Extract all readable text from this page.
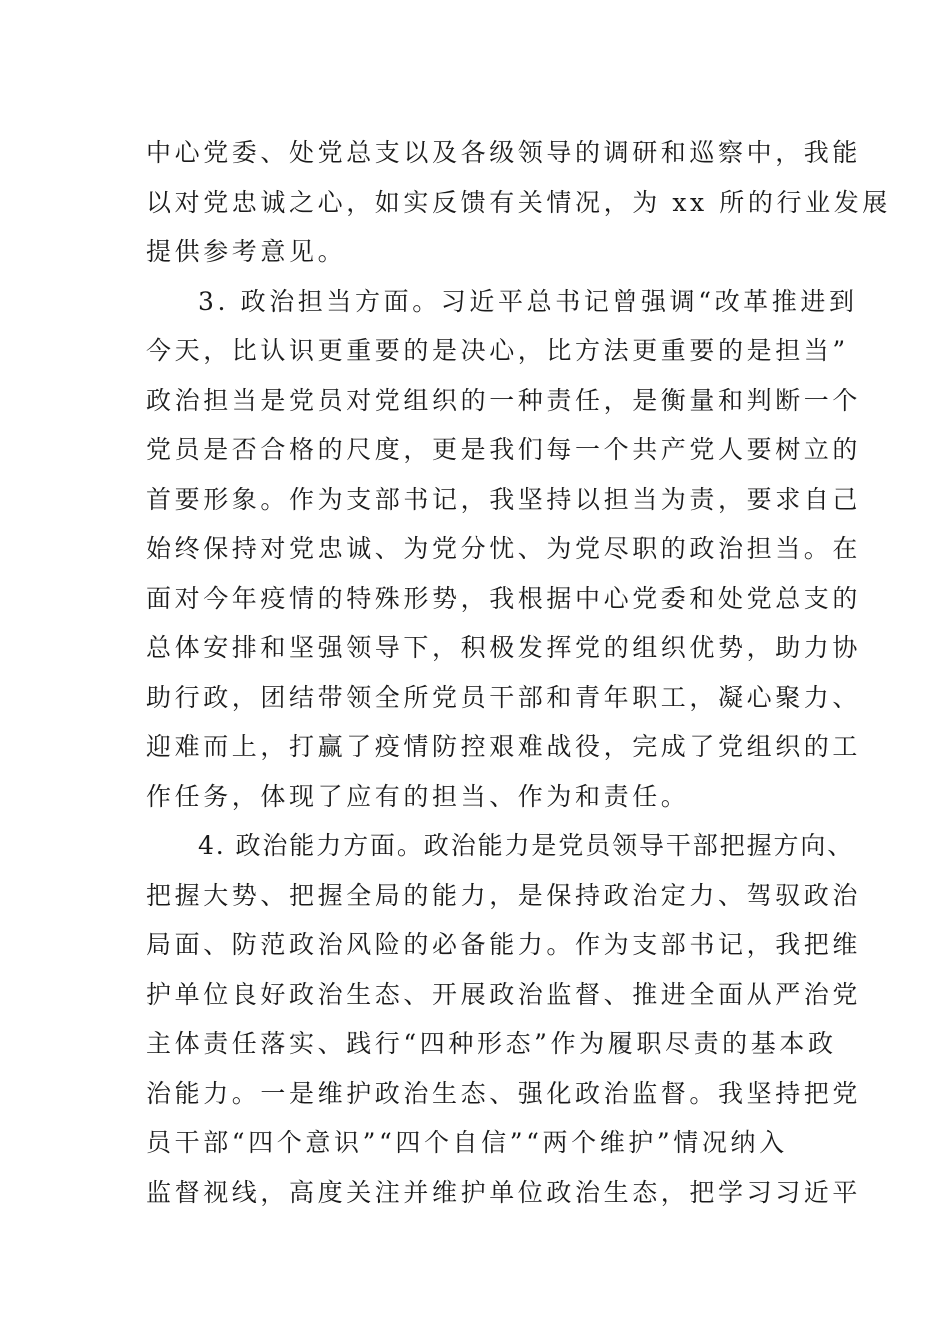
中心党委、处党总支以及各级领导的调研和巡察中，我能
以对党忠诚之心，如实反馈有关情况，为 xx 所的行业发展
提供参考意见。
3. 政治担当方面。习近平总书记曾强调“改革推进到
今天，比认识更重要的是决心，比方法更重要的是担当”
政治担当是党员对党组织的一种责任，是衡量和判断一个
党员是否合格的尺度，更是我们每一个共产党人要树立的
首要形象。作为支部书记，我坚持以担当为责，要求自己
始终保持对党忠诚、为党分忧、为党尽职的政治担当。在
面对今年疫情的特殊形势，我根据中心党委和处党总支的
总体安排和坚强领导下，积极发挥党的组织优势，助力协
助行政，团结带领全所党员干部和青年职工，凝心聚力、
迎难而上，打赢了疫情防控艰难战役，完成了党组织的工
作任务，体现了应有的担当、作为和责任。
4. 政治能力方面。政治能力是党员领导干部把握方向、
把握大势、把握全局的能力，是保持政治定力、驾驭政治
局面、防范政治风险的必备能力。作为支部书记，我把维
护单位良好政治生态、开展政治监督、推进全面从严治党
主体责任落实、践行“四种形态”作为履职尽责的基本政
治能力。一是维护政治生态、强化政治监督。我坚持把党
员干部“四个意识”“四个自信”“两个维护”情况纳入
监督视线，高度关注并维护单位政治生态，把学习习近平
